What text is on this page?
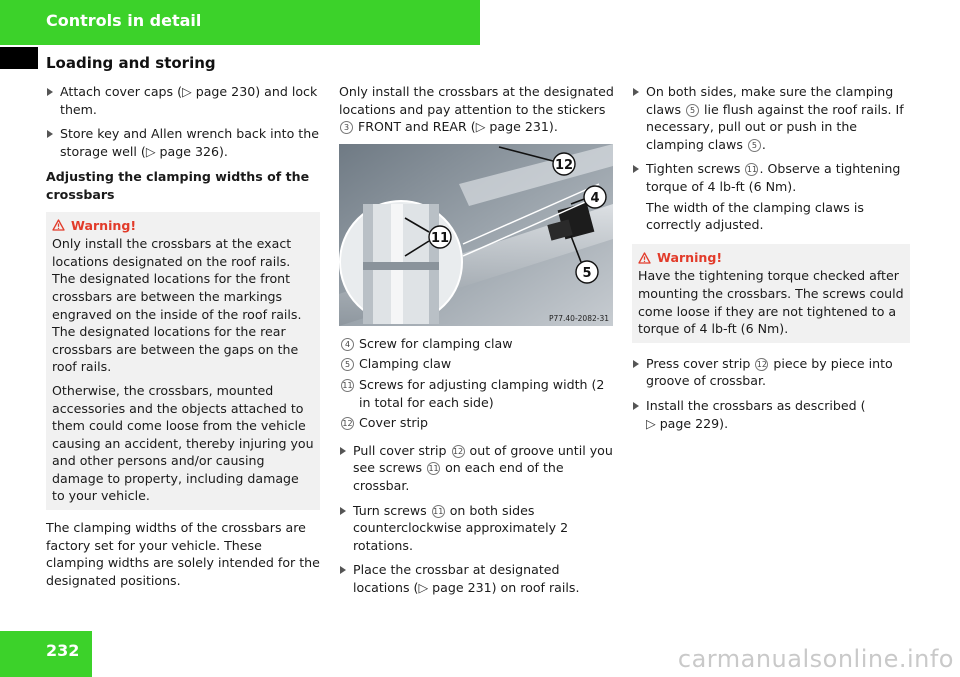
Controls in detail
Loading and storing

Attach cover caps (▷ page 230) and lock them.

Store key and Allen wrench back into the storage well (▷ page 326).

Adjusting the clamping widths of the crossbars

Warning!

Only install the crossbars at the exact locations designated on the roof rails. The designated locations for the front crossbars are between the markings engraved on the inside of the roof rails. The designated locations for the rear crossbars are between the gaps on the roof rails.

Otherwise, the crossbars, mounted accessories and the objects attached to them could come loose from the vehicle causing an accident, thereby injuring you and other persons and/or causing damage to property, including damage to your vehicle.

The clamping widths of the crossbars are factory set for your vehicle. These clamping widths are solely intended for the designated positions.

Only install the crossbars at the designated locations and pay attention to the stickers
3 FRONT and REAR (▷ page 231).

12
4
11
5
P77.40-2082-31

4 Screw for clamping claw

5 Clamping claw

11 Screws for adjusting clamping width (2 in total for each side)

12 Cover strip

Pull cover strip 12 out of groove until you see screws 11 on each end of the crossbar.

Turn screws 11 on both sides counterclockwise approximately 2 rotations.

Place the crossbar at designated locations (▷ page 231) on roof rails.

On both sides, make sure the clamping claws 5 lie flush against the roof rails. If necessary, pull out or push in the clamping claws 5 .

Tighten screws 11 . Observe a tightening torque of 4 lb-ft (6 Nm).

The width of the clamping claws is correctly adjusted.

Warning!

Have the tightening torque checked after mounting the crossbars. The screws could come loose if they are not tightened to a torque of 4 lb-ft (6 Nm).

Press cover strip 12 piece by piece into groove of crossbar.

Install the crossbars as described (
▷ page 229).

232	carmanualsonline.info
